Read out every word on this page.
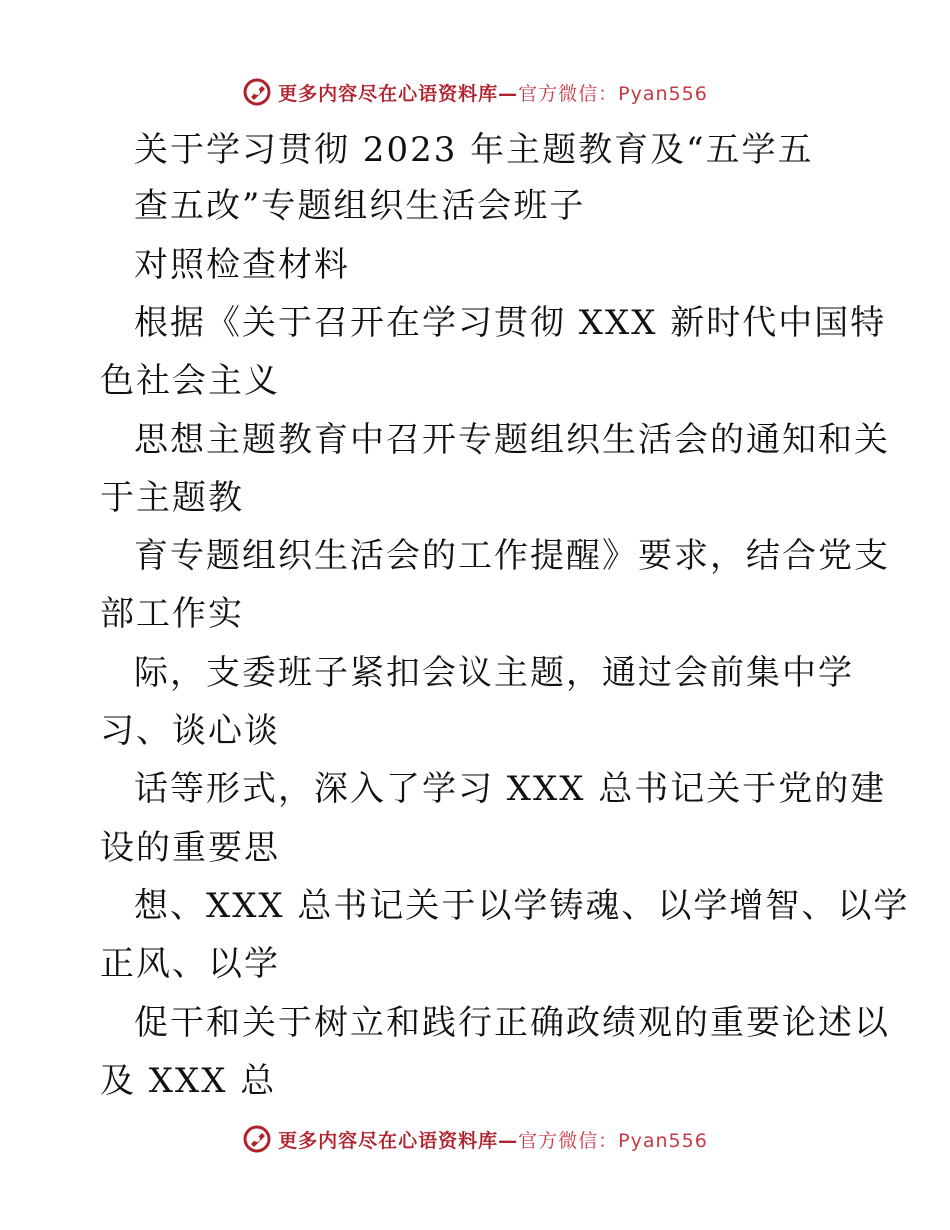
更多内容尽在心语资料库—官方微信：Pyan556
关于学习贯彻 2023 年主题教育及“五学五
查五改”专题组织生活会班子
对照检查材料
根据《关于召开在学习贯彻 XXX 新时代中国特
色社会主义
思想主题教育中召开专题组织生活会的通知和关
于主题教
育专题组织生活会的工作提醒》要求，结合党支
部工作实
际，支委班子紧扣会议主题，通过会前集中学
习、谈心谈
话等形式，深入了学习 XXX 总书记关于党的建
设的重要思
想、XXX 总书记关于以学铸魂、以学增智、以学
正风、以学
促干和关于树立和践行正确政绩观的重要论述以
及 XXX 总
更多内容尽在心语资料库—官方微信：Pyan556
